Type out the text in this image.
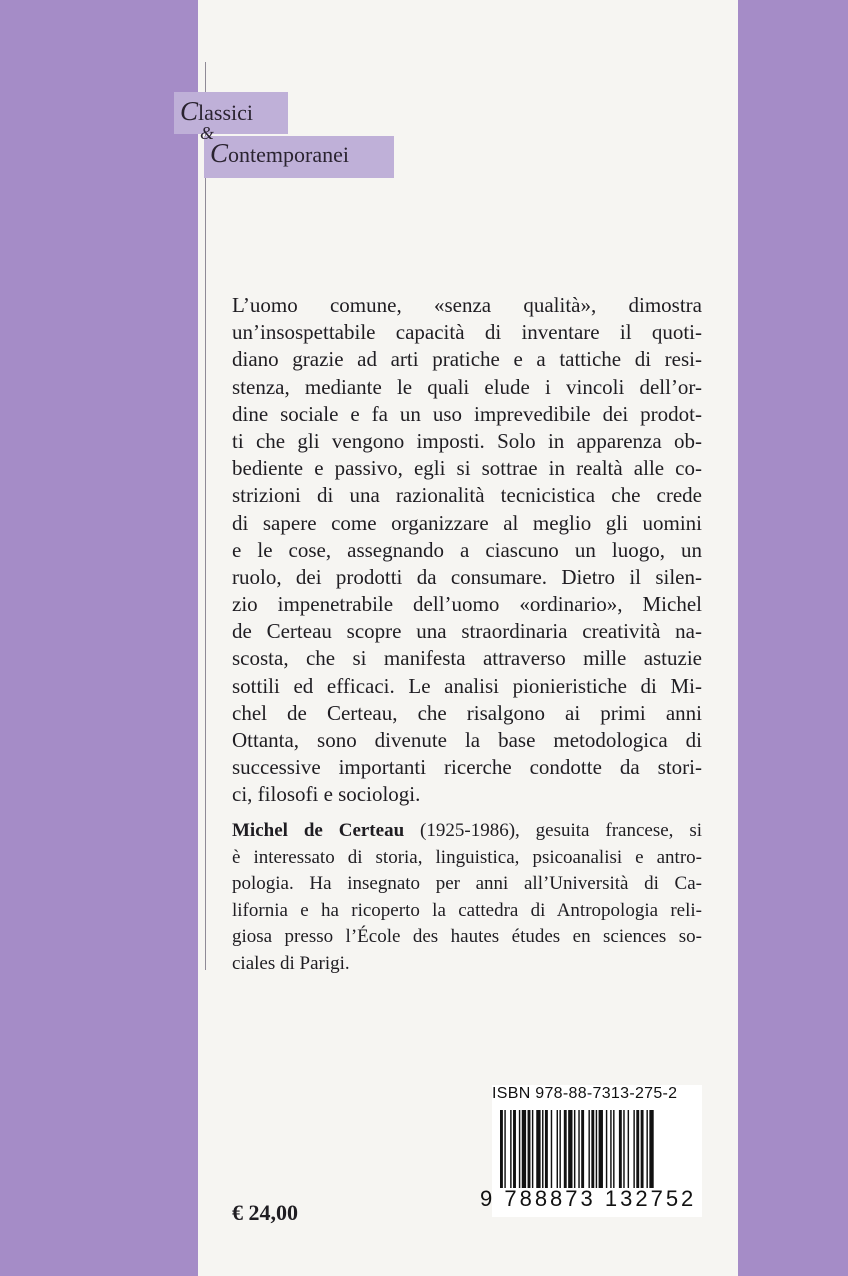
Classici
&
Contemporanei
L’uomo comune, «senza qualità», dimostra
un’insospettabile capacità di inventare il quoti-
diano grazie ad arti pratiche e a tattiche di resi-
stenza, mediante le quali elude i vincoli dell’or-
dine sociale e fa un uso imprevedibile dei prodot-
ti che gli vengono imposti. Solo in apparenza ob-
bediente e passivo, egli si sottrae in realtà alle co-
strizioni di una razionalità tecnicistica che crede
di sapere come organizzare al meglio gli uomini
e le cose, assegnando a ciascuno un luogo, un
ruolo, dei prodotti da consumare. Dietro il silen-
zio impenetrabile dell’uomo «ordinario», Michel
de Certeau scopre una straordinaria creatività na-
scosta, che si manifesta attraverso mille astuzie
sottili ed efficaci. Le analisi pionieristiche di Mi-
chel de Certeau, che risalgono ai primi anni
Ottanta, sono divenute la base metodologica di
successive importanti ricerche condotte da stori-
ci, filosofi e sociologi.
Michel de Certeau (1925-1986), gesuita francese, si
è interessato di storia, linguistica, psicoanalisi e antro-
pologia. Ha insegnato per anni all’Università di Ca-
lifornia e ha ricoperto la cattedra di Antropologia reli-
giosa presso l’École des hautes études en sciences so-
ciales di Parigi.
ISBN 978-88-7313-275-2
9 788873 132752
€ 24,00
